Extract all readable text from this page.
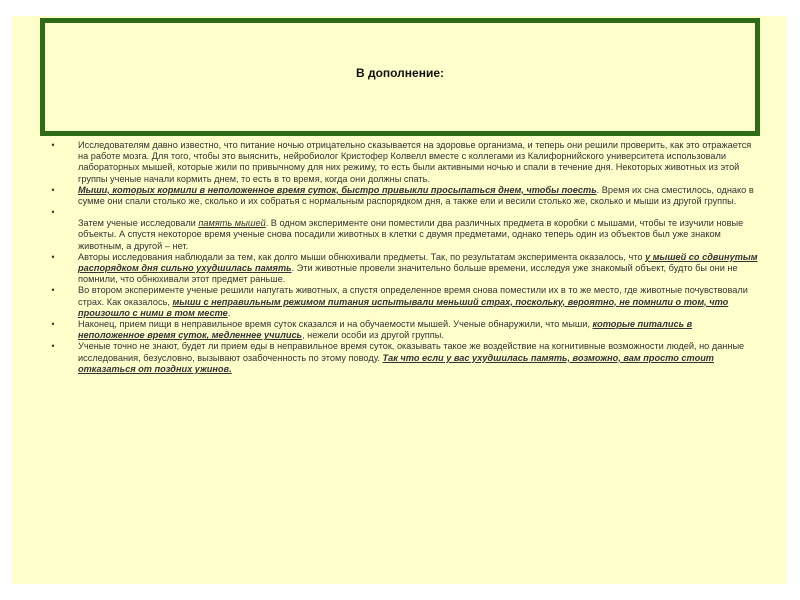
В дополнение:

•	Исследователям давно известно, что питание ночью отрицательно сказывается на здоровье организма, и теперь они решили проверить, как это отражается на работе мозга. Для того, чтобы это выяснить, нейробиолог Кристофер Колвелл вместе с коллегами из Калифорнийского университета использовали лабораторных мышей, которые жили по привычному для них режиму, то есть были активными ночью и спали в течение дня. Некоторых животных из этой группы ученые начали кормить днем, то есть в то время, когда они должны спать.

•	Мыши, которых кормили в неположенное время суток, быстро привыкли просыпаться днем, чтобы поесть. Время их сна сместилось, однако в сумме они спали столько же, сколько и их собратья с нормальным распорядком дня, а также ели и весили столько же, сколько и мыши из другой группы.

•
Затем ученые исследовали память мышей. В одном эксперименте они поместили два различных предмета в коробки с мышами, чтобы те изучили новые объекты. А спустя некоторое время ученые снова посадили животных в клетки с двумя предметами, однако теперь один из объектов был уже знаком животным, а другой – нет.

•	Авторы исследования наблюдали за тем, как долго мыши обнюхивали предметы. Так, по результатам эксперимента оказалось, что у мышей со сдвинутым распорядком дня сильно ухудшилась память. Эти животные провели значительно больше времени, исследуя уже знакомый объект, будто бы они не помнили, что обнюхивали этот предмет раньше.

•	Во втором эксперименте ученые решили напугать животных, а спустя определенное время снова поместили их в то же место, где животные почувствовали страх. Как оказалось, мыши с неправильным режимом питания испытывали меньший страх, поскольку, вероятно, не помнили о том, что произошло с ними в том месте.

•	Наконец, прием пищи в неправильное время суток сказался и на обучаемости мышей. Ученые обнаружили, что мыши, которые питались в неположенное время суток, медленнее учились, нежели особи из другой группы.

•	Ученые точно не знают, будет ли прием еды в неправильное время суток, оказывать такое же воздействие на когнитивные возможности людей, но данные исследования, безусловно, вызывают озабоченность по этому поводу. Так что если у вас ухудшилась память, возможно, вам просто стоит отказаться от поздних ужинов.
